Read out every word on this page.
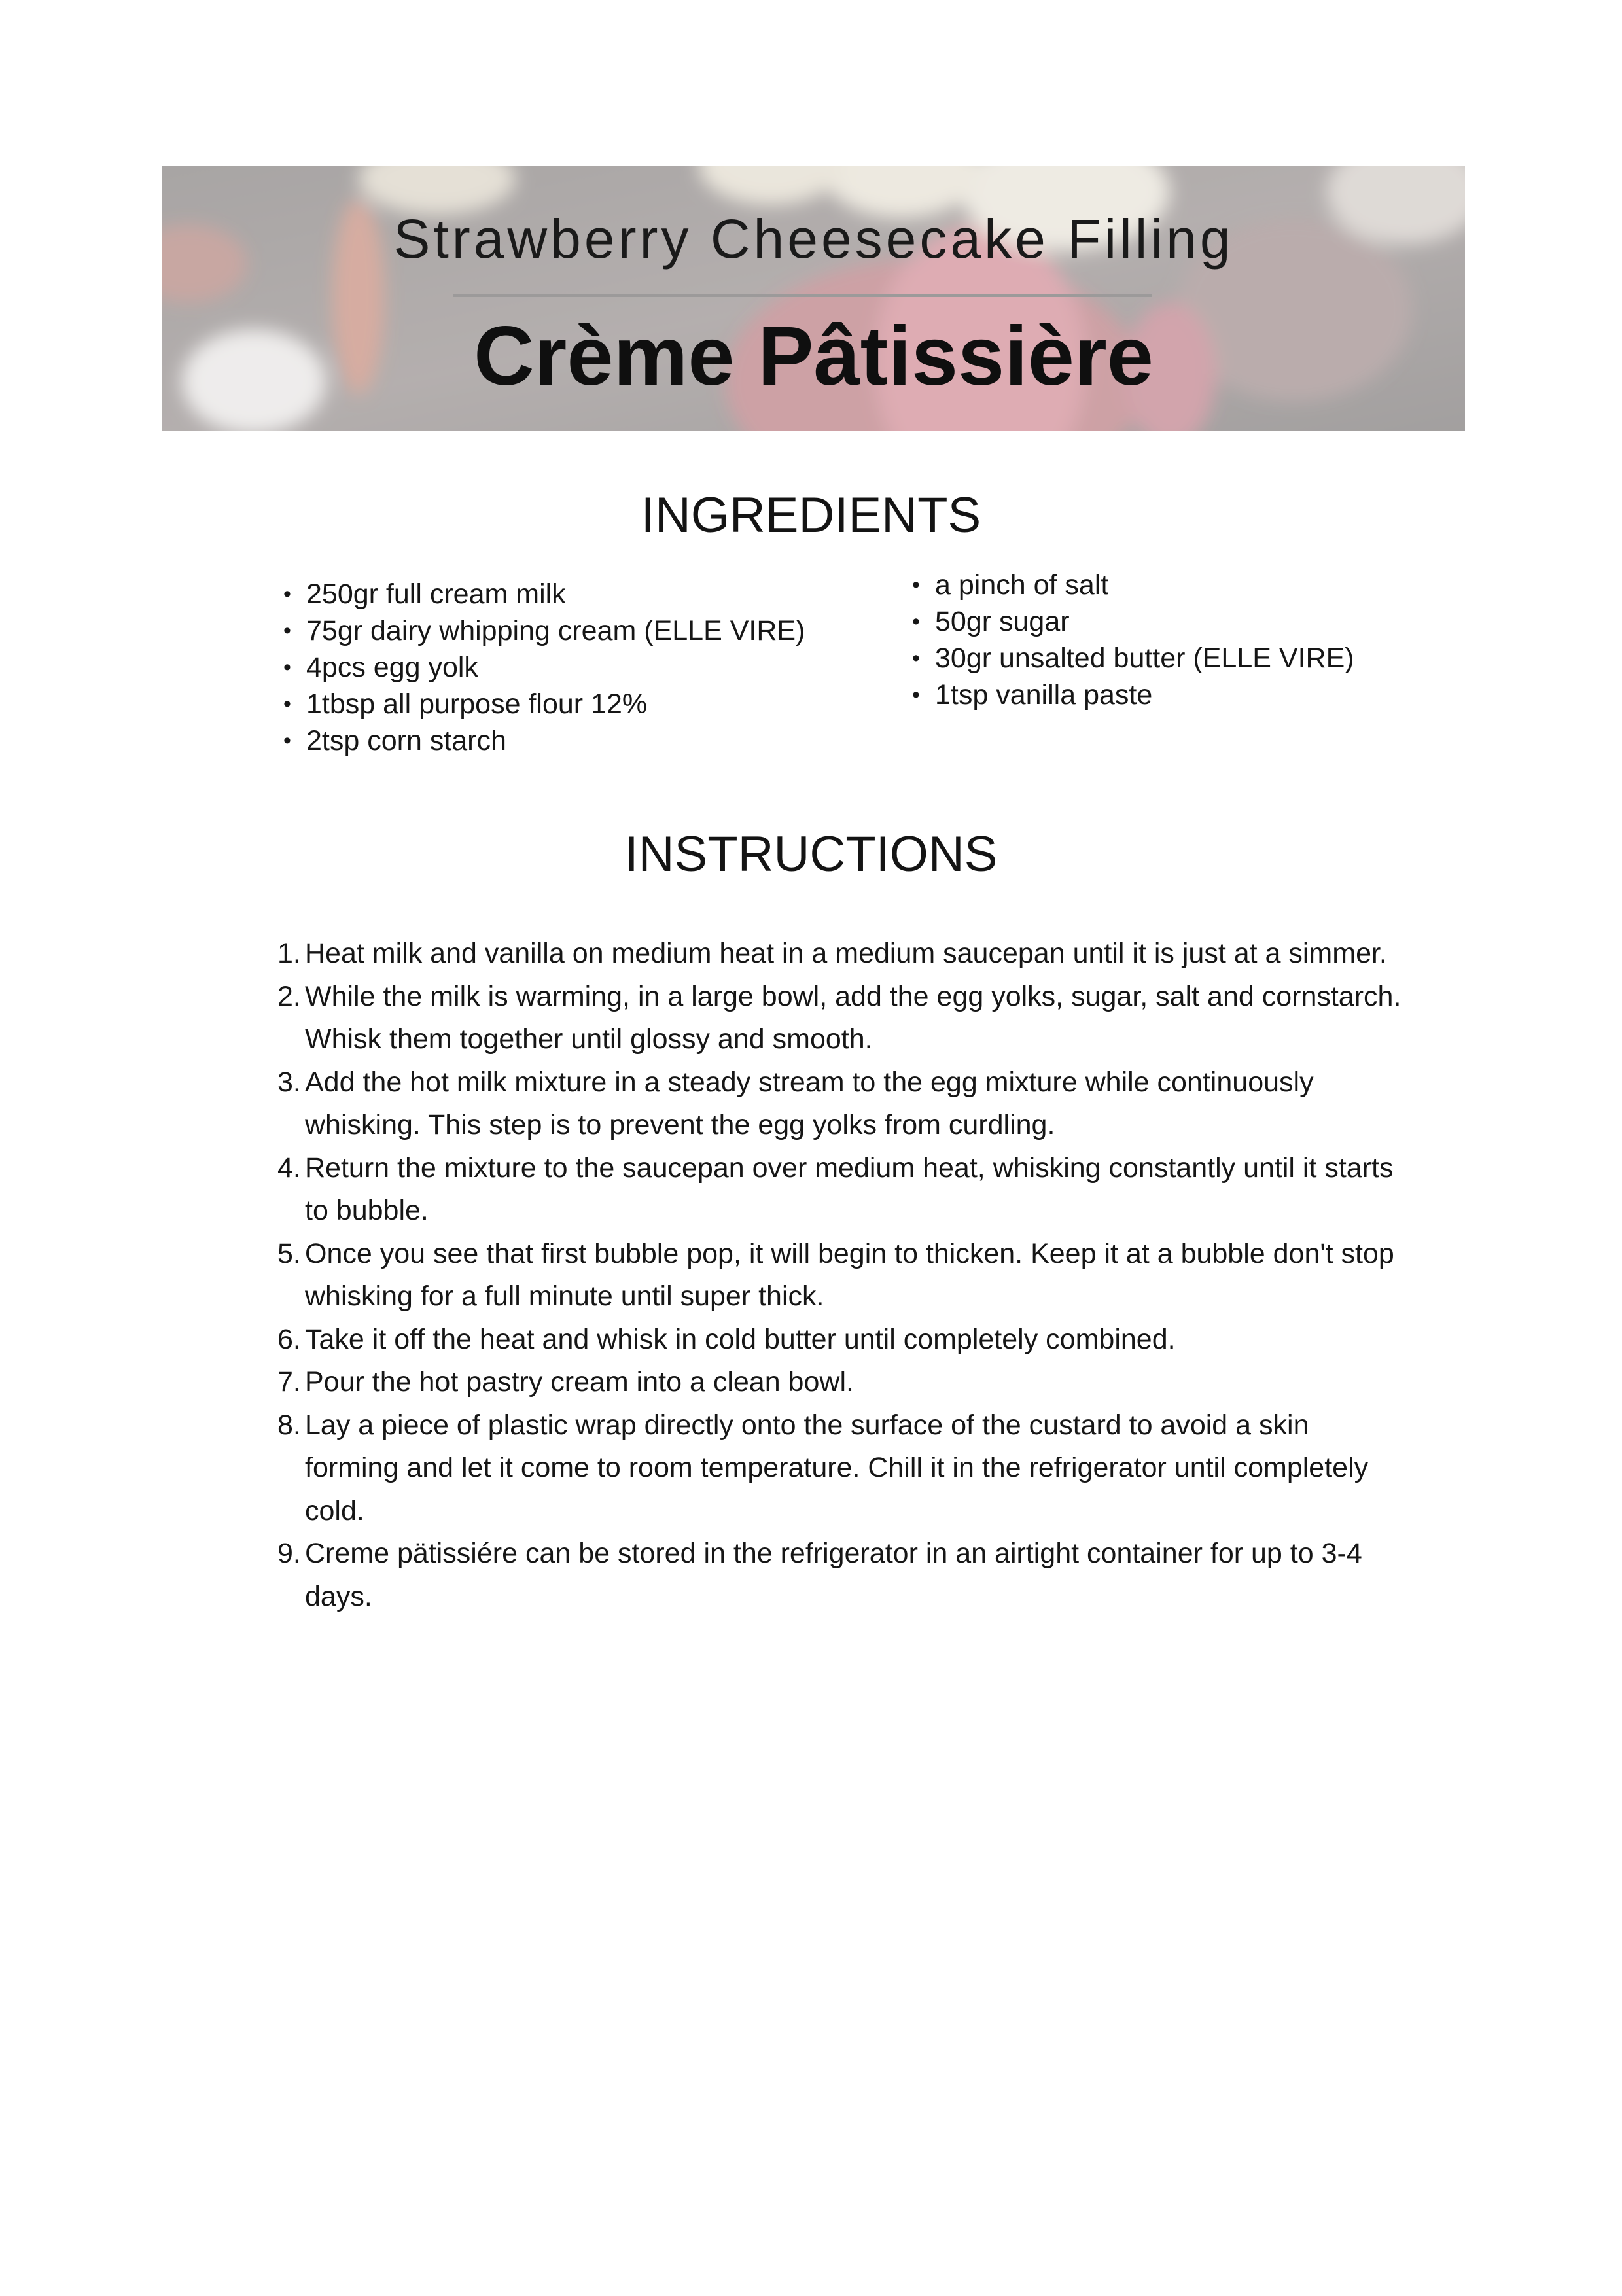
Strawberry Cheesecake Filling
Crème Pâtissière
INGREDIENTS
• 250gr full cream milk
• 75gr dairy whipping cream (ELLE VIRE)
• 4pcs egg yolk
• 1tbsp all purpose flour 12%
• 2tsp corn starch
• a pinch of salt
• 50gr sugar
• 30gr unsalted butter (ELLE VIRE)
• 1tsp vanilla paste
INSTRUCTIONS
1. Heat milk and vanilla on medium heat in a medium saucepan until it is just at a simmer.
2. While the milk is warming, in a large bowl, add the egg yolks, sugar, salt and cornstarch. Whisk them together until glossy and smooth.
3. Add the hot milk mixture in a steady stream to the egg mixture while continuously whisking. This step is to prevent the egg yolks from curdling.
4. Return the mixture to the saucepan over medium heat, whisking constantly until it starts to bubble.
5. Once you see that first bubble pop, it will begin to thicken. Keep it at a bubble don't stop whisking for a full minute until super thick.
6. Take it off the heat and whisk in cold butter until completely combined.
7. Pour the hot pastry cream into a clean bowl.
8. Lay a piece of plastic wrap directly onto the surface of the custard to avoid a skin forming and let it come to room temperature. Chill it in the refrigerator until completely cold.
9. Creme pätissiére can be stored in the refrigerator in an airtight container for up to 3-4 days.
